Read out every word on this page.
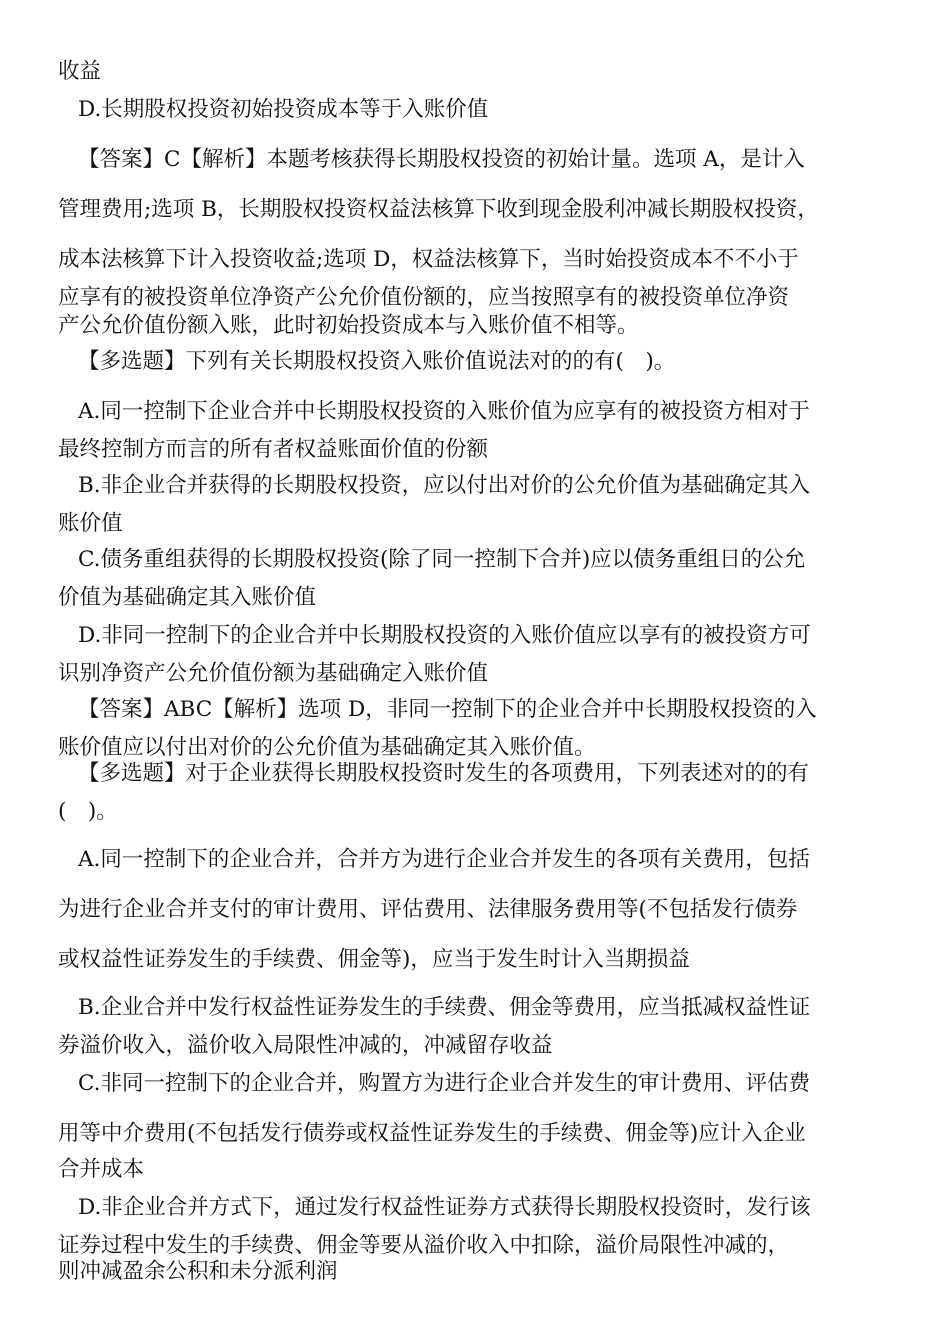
收益
D.长期股权投资初始投资成本等于入账价值
【答案】C【解析】本题考核获得长期股权投资的初始计量。选项 A，是计入
管理费用;选项 B，长期股权投资权益法核算下收到现金股利冲减长期股权投资，
成本法核算下计入投资收益;选项 D，权益法核算下，当时始投资成本不不小于
应享有的被投资单位净资产公允价值份额的，应当按照享有的被投资单位净资
产公允价值份额入账，此时初始投资成本与入账价值不相等。
【多选题】下列有关长期股权投资入账价值说法对的的有(　)。
A.同一控制下企业合并中长期股权投资的入账价值为应享有的被投资方相对于
最终控制方而言的所有者权益账面价值的份额
B.非企业合并获得的长期股权投资，应以付出对价的公允价值为基础确定其入
账价值
C.债务重组获得的长期股权投资(除了同一控制下合并)应以债务重组日的公允
价值为基础确定其入账价值
D.非同一控制下的企业合并中长期股权投资的入账价值应以享有的被投资方可
识别净资产公允价值份额为基础确定入账价值
【答案】ABC【解析】选项 D，非同一控制下的企业合并中长期股权投资的入
账价值应以付出对价的公允价值为基础确定其入账价值。
【多选题】对于企业获得长期股权投资时发生的各项费用，下列表述对的的有
(　)。
A.同一控制下的企业合并，合并方为进行企业合并发生的各项有关费用，包括
为进行企业合并支付的审计费用、评估费用、法律服务费用等(不包括发行债券
或权益性证券发生的手续费、佣金等)，应当于发生时计入当期损益
B.企业合并中发行权益性证券发生的手续费、佣金等费用，应当抵减权益性证
券溢价收入，溢价收入局限性冲减的，冲减留存收益
C.非同一控制下的企业合并，购置方为进行企业合并发生的审计费用、评估费
用等中介费用(不包括发行债券或权益性证券发生的手续费、佣金等)应计入企业
合并成本
D.非企业合并方式下，通过发行权益性证券方式获得长期股权投资时，发行该
证券过程中发生的手续费、佣金等要从溢价收入中扣除，溢价局限性冲减的，
则冲减盈余公积和未分派利润
